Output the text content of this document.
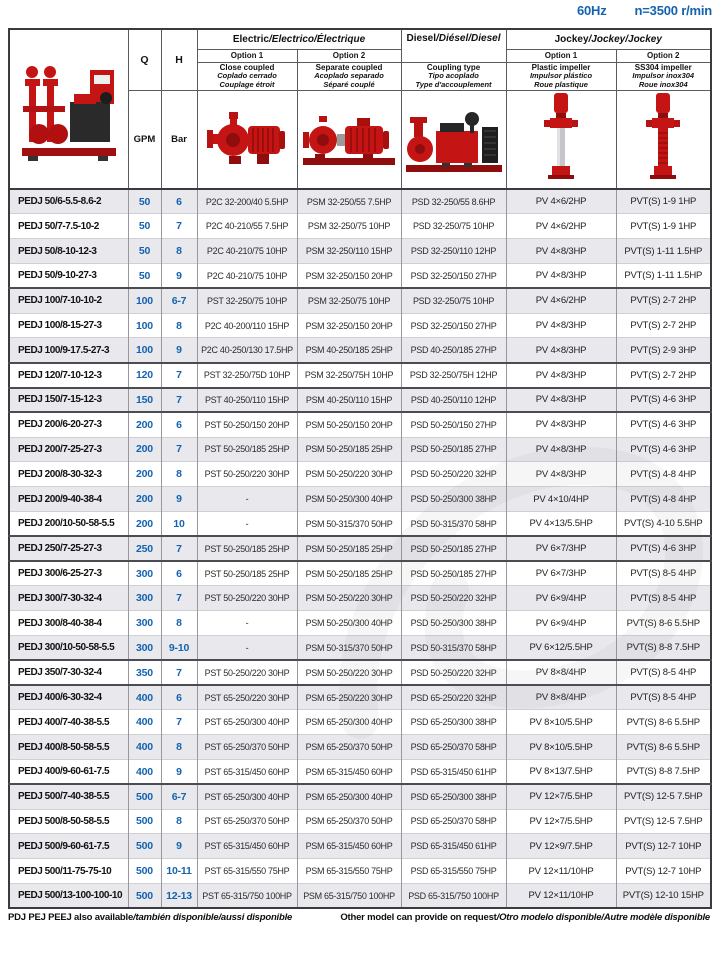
60Hz n=3500 r/min
	Q	H	Electric/Electrico/Électrique		Diesel/Diésel/Diesel	Jockey/Jockey/Jockey	
			Option 1	Option 2		Option 1	Option 2
			Close coupled
Coplado cerrado
Couplage étroit	Separate coupled
Acoplado separado
Séparé couplé	Coupling type
Tipo acoplado
Type d'accouplement	Plastic impeller
Impulsor plástico
Roue plastique	SS304 impeller
Impulsor inox304
Roue inox304

	GPM	Bar					
PEDJ 50/6-5.5-8.6-2	50	6	P2C 32-200/40 5.5HP	PSM 32-250/55 7.5HP	PSD 32-250/55 8.6HP	PV 4×6/2HP	PVT(S) 1-9 1HP
PEDJ 50/7-7.5-10-2	50	7	P2C 40-210/55 7.5HP	PSM 32-250/75 10HP	PSD 32-250/75 10HP	PV 4×6/2HP	PVT(S) 1-9 1HP
PEDJ 50/8-10-12-3	50	8	P2C 40-210/75 10HP	PSM 32-250/110 15HP	PSD 32-250/110 12HP	PV 4×8/3HP	PVT(S) 1-11 1.5HP
PEDJ 50/9-10-27-3	50	9	P2C 40-210/75 10HP	PSM 32-250/150 20HP	PSD 32-250/150 27HP	PV 4×8/3HP	PVT(S) 1-11 1.5HP
PEDJ 100/7-10-10-2	100	6-7	PST 32-250/75 10HP	PSM 32-250/75 10HP	PSD 32-250/75 10HP	PV 4×6/2HP	PVT(S) 2-7 2HP
PEDJ 100/8-15-27-3	100	8	P2C 40-200/110 15HP	PSM 32-250/150 20HP	PSD 32-250/150 27HP	PV 4×8/3HP	PVT(S) 2-7 2HP
PEDJ 100/9-17.5-27-3	100	9	P2C 40-250/130 17.5HP	PSM 40-250/185 25HP	PSD 40-250/185 27HP	PV 4×8/3HP	PVT(S) 2-9 3HP
PEDJ 120/7-10-12-3	120	7	PST 32-250/75D 10HP	PSM 32-250/75H 10HP	PSD 32-250/75H 12HP	PV 4×8/3HP	PVT(S) 2-7 2HP
PEDJ 150/7-15-12-3	150	7	PST 40-250/110 15HP	PSM 40-250/110 15HP	PSD 40-250/110 12HP	PV 4×8/3HP	PVT(S) 4-6 3HP
PEDJ 200/6-20-27-3	200	6	PST 50-250/150 20HP	PSM 50-250/150 20HP	PSD 50-250/150 27HP	PV 4×8/3HP	PVT(S) 4-6 3HP
PEDJ 200/7-25-27-3	200	7	PST 50-250/185 25HP	PSM 50-250/185 25HP	PSD 50-250/185 27HP	PV 4×8/3HP	PVT(S) 4-6 3HP
PEDJ 200/8-30-32-3	200	8	PST 50-250/220 30HP	PSM 50-250/220 30HP	PSD 50-250/220 32HP	PV 4×8/3HP	PVT(S) 4-8 4HP
PEDJ 200/9-40-38-4	200	9	-	PSM 50-250/300 40HP	PSD 50-250/300 38HP	PV 4×10/4HP	PVT(S) 4-8 4HP
PEDJ 200/10-50-58-5.5	200	10	-	PSM 50-315/370 50HP	PSD 50-315/370 58HP	PV 4×13/5.5HP	PVT(S) 4-10 5.5HP
PEDJ 250/7-25-27-3	250	7	PST 50-250/185 25HP	PSM 50-250/185 25HP	PSD 50-250/185 27HP	PV 6×7/3HP	PVT(S) 4-6 3HP
PEDJ 300/6-25-27-3	300	6	PST 50-250/185 25HP	PSM 50-250/185 25HP	PSD 50-250/185 27HP	PV 6×7/3HP	PVT(S) 8-5 4HP
PEDJ 300/7-30-32-4	300	7	PST 50-250/220 30HP	PSM 50-250/220 30HP	PSD 50-250/220 32HP	PV 6×9/4HP	PVT(S) 8-5 4HP
PEDJ 300/8-40-38-4	300	8	-	PSM 50-250/300 40HP	PSD 50-250/300 38HP	PV 6×9/4HP	PVT(S) 8-6 5.5HP
PEDJ 300/10-50-58-5.5	300	9-10	-	PSM 50-315/370 50HP	PSD 50-315/370 58HP	PV 6×12/5.5HP	PVT(S) 8-8 7.5HP
PEDJ 350/7-30-32-4	350	7	PST 50-250/220 30HP	PSM 50-250/220 30HP	PSD 50-250/220 32HP	PV 8×8/4HP	PVT(S) 8-5 4HP
PEDJ 400/6-30-32-4	400	6	PST 65-250/220 30HP	PSM 65-250/220 30HP	PSD 65-250/220 32HP	PV 8×8/4HP	PVT(S) 8-5 4HP
PEDJ 400/7-40-38-5.5	400	7	PST 65-250/300 40HP	PSM 65-250/300 40HP	PSD 65-250/300 38HP	PV 8×10/5.5HP	PVT(S) 8-6 5.5HP
PEDJ 400/8-50-58-5.5	400	8	PST 65-250/370 50HP	PSM 65-250/370 50HP	PSD 65-250/370 58HP	PV 8×10/5.5HP	PVT(S) 8-6 5.5HP
PEDJ 400/9-60-61-7.5	400	9	PST 65-315/450 60HP	PSM 65-315/450 60HP	PSD 65-315/450 61HP	PV 8×13/7.5HP	PVT(S) 8-8 7.5HP
PEDJ 500/7-40-38-5.5	500	6-7	PST 65-250/300 40HP	PSM 65-250/300 40HP	PSD 65-250/300 38HP	PV 12×7/5.5HP	PVT(S) 12-5 7.5HP
PEDJ 500/8-50-58-5.5	500	8	PST 65-250/370 50HP	PSM 65-250/370 50HP	PSD 65-250/370 58HP	PV 12×7/5.5HP	PVT(S) 12-5 7.5HP
PEDJ 500/9-60-61-7.5	500	9	PST 65-315/450 60HP	PSM 65-315/450 60HP	PSD 65-315/450 61HP	PV 12×9/7.5HP	PVT(S) 12-7 10HP
PEDJ 500/11-75-75-10	500	10-11	PST 65-315/550 75HP	PSM 65-315/550 75HP	PSD 65-315/550 75HP	PV 12×11/10HP	PVT(S) 12-7 10HP
PEDJ 500/13-100-100-10	500	12-13	PST 65-315/750 100HP	PSM 65-315/750 100HP	PSD 65-315/750 100HP	PV 12×11/10HP	PVT(S) 12-10 15HP
PDJ PEJ PEEJ also available/también disponible/aussi disponible	Other model can provide on request/Otro modelo disponible/Autre modèle disponible
